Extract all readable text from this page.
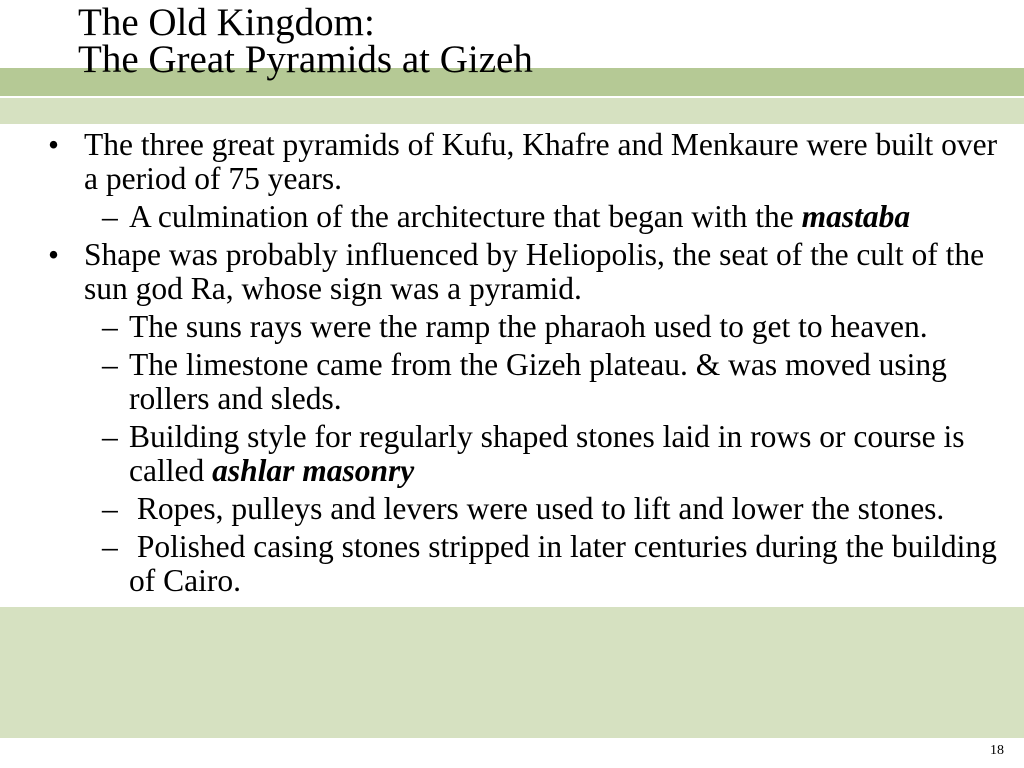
The Old Kingdom:
The Great Pyramids at Gizeh
• The three great pyramids of Kufu, Khafre and Menkaure were built over a period of 75 years.
– A culmination of the architecture that began with the mastaba
• Shape was probably influenced by Heliopolis, the seat of the cult of the sun god Ra, whose sign was a pyramid.
– The suns rays were the ramp the pharaoh used to get to heaven.
– The limestone came from the Gizeh plateau. & was moved using rollers and sleds.
– Building style for regularly shaped stones laid in rows or course is called ashlar masonry
– Ropes, pulleys and levers were used to lift and lower the stones.
– Polished casing stones stripped in later centuries during the building of Cairo.
18
